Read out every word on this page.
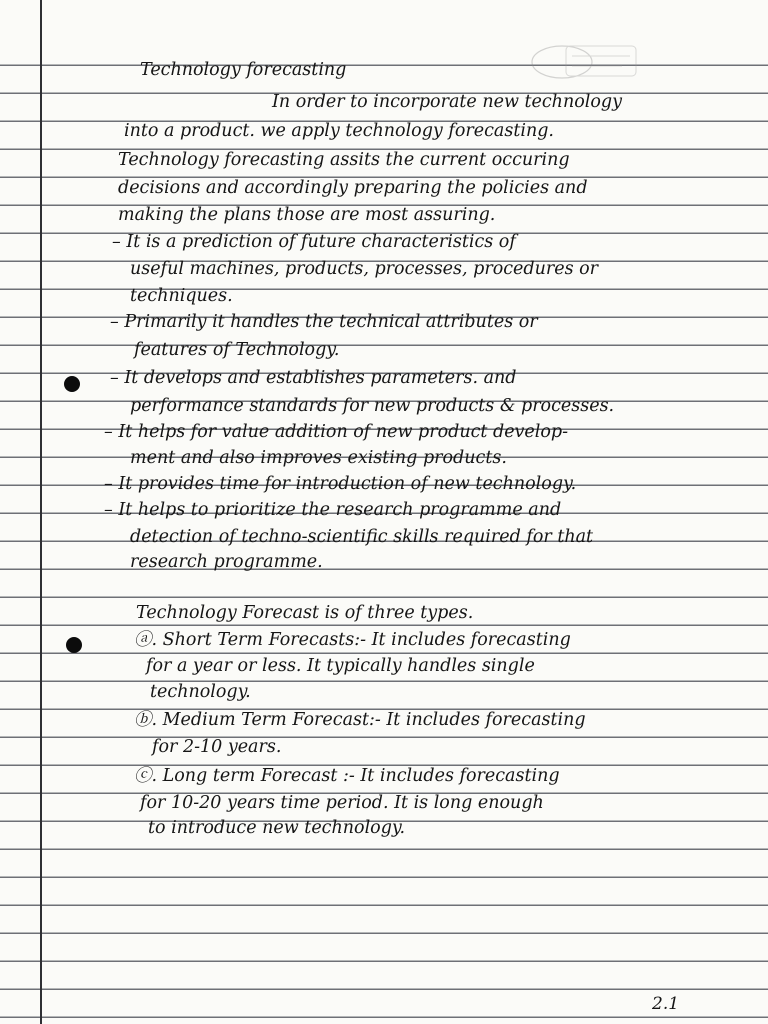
Technology forecasting
In order to incorporate new technology
into a product. we apply technology forecasting.
Technology forecasting assits the current occuring
decisions and accordingly preparing the policies and
making the plans those are most assuring.
– It is a prediction of future characteristics of
useful machines, products, processes, procedures or
techniques.
– Primarily it handles the technical attributes or
features of Technology.
– It develops and establishes parameters. and
performance standards for new products & processes.
– It helps for value addition of new product develop-
ment and also improves existing products.
– It provides time for introduction of new technology.
– It helps to prioritize the research programme and
detection of techno-scientific skills required for that
research programme.
Technology Forecast is of three types.
ⓐ. Short Term Forecasts:- It includes forecasting
for a year or less. It typically handles single
technology.
ⓑ. Medium Term Forecast:- It includes forecasting
for 2-10 years.
ⓒ. Long term Forecast :- It includes forecasting
for 10-20 years time period. It is long enough
to introduce new technology.
2.1
